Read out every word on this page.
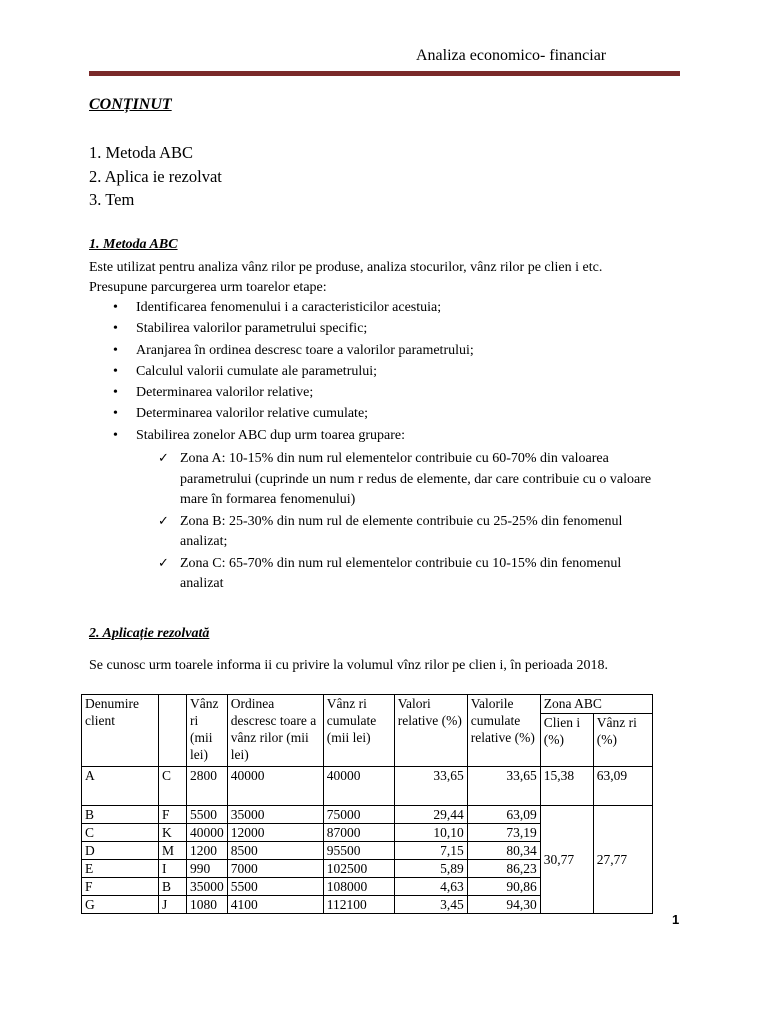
Analiza economico- financiar
CONȚINUT
1. Metoda ABC
2. Aplica ie rezolvat
3. Tem
1. Metoda ABC
Este utilizat pentru analiza vânz rilor pe produse, analiza stocurilor, vânz rilor pe clien i etc.
Presupune parcurgerea urm toarelor etape:
• Identificarea fenomenului i a caracteristicilor acestuia;
• Stabilirea valorilor parametrului specific;
• Aranjarea în ordinea descresc toare a valorilor parametrului;
• Calculul valorii cumulate ale parametrului;
• Determinarea valorilor relative;
• Determinarea valorilor relative cumulate;
• Stabilirea zonelor ABC dup urm toarea grupare:
✓ Zona A: 10-15% din num rul elementelor contribuie cu 60-70% din valoarea parametrului (cuprinde un num r redus de elemente, dar care contribuie cu o valoare mare în formarea fenomenului)
✓ Zona B: 25-30% din num rul de elemente contribuie cu 25-25% din fenomenul analizat;
✓ Zona C: 65-70% din num rul elementelor contribuie cu 10-15% din fenomenul analizat
2. Aplicație rezolvată
Se cunosc urm toarele informa ii cu privire la volumul vînz rilor pe clien i, în perioada 2018.
Denumire client		Vânz ri (mii lei)	Ordinea descresc toare a vânz rilor (mii lei)	Vânz ri cumulate (mii lei)	Valori relative (%)	Valorile cumulate relative (%)	Zona ABC	
							Clien i (%)	Vânz ri (%)
A	C	2800	40000	40000	33,65	33,65	15,38	63,09
B	F	5500	35000	75000	29,44	63,09	30,77	27,77
C	K	40000	12000	87000	10,10	73,19		
D	M	1200	8500	95500	7,15	80,34		
E	I	990	7000	102500	5,89	86,23		
F	B	35000	5500	108000	4,63	90,86		
G	J	1080	4100	112100	3,45	94,30		
1
